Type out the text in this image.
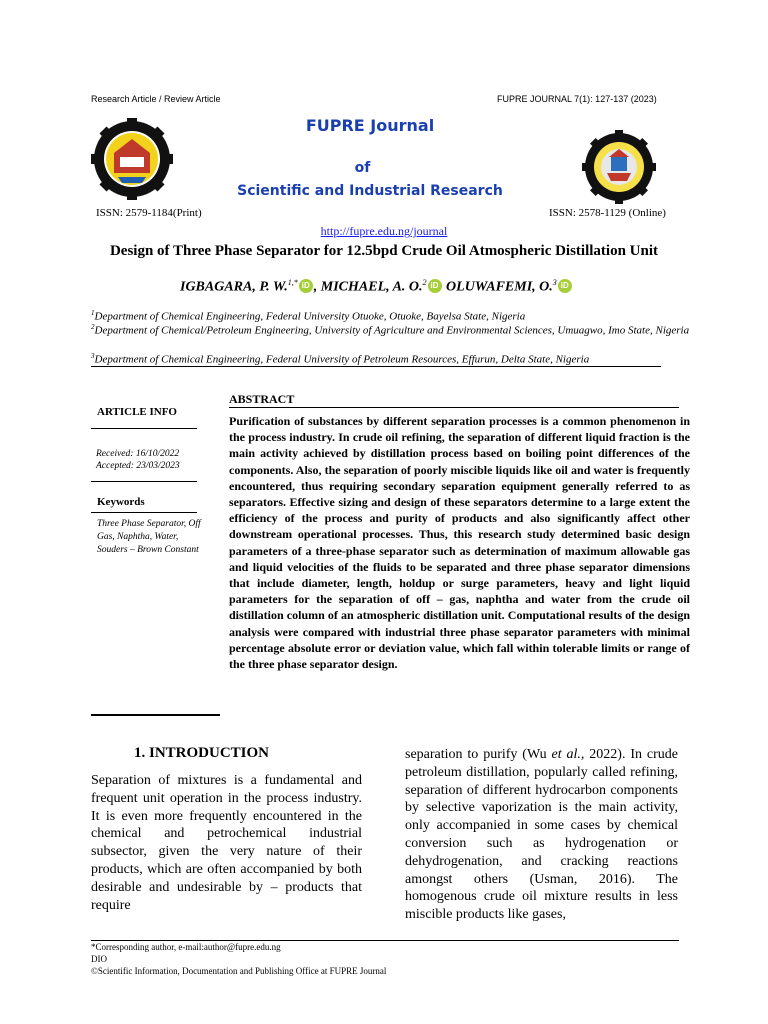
Research Article / Review Article	FUPRE JOURNAL 7(1): 127-137 (2023)
FUPRE Journal
of
Scientific and Industrial Research
ISSN: 2579-1184(Print)	ISSN: 2578-1129 (Online)
http://fupre.edu.ng/journal
Design of Three Phase Separator for 12.5bpd Crude Oil Atmospheric Distillation Unit
IGBAGARA, P. W.$^{1,*}$ iD , MICHAEL, A. O.$^2$ iD OLUWAFEMI, O.$^3$ iD
$^1$Department of Chemical Engineering, Federal University Otuoke, Otuoke, Bayelsa State, Nigeria
$^2$Department of Chemical/Petroleum Engineering, University of Agriculture and Environmental Sciences, Umuagwo, Imo State, Nigeria
$^3$Department of Chemical Engineering, Federal University of Petroleum Resources, Effurun, Delta State, Nigeria
ABSTRACT
Purification of substances by different separation processes is a common phenomenon in the process industry. In crude oil refining, the separation of different liquid fraction is the main activity achieved by distillation process based on boiling point differences of the components. Also, the separation of poorly miscible liquids like oil and water is frequently encountered, thus requiring secondary separation equipment generally referred to as separators. Effective sizing and design of these separators determine to a large extent the efficiency of the process and purity of products and also significantly affect other downstream operational processes. Thus, this research study determined basic design parameters of a three-phase separator such as determination of maximum allowable gas and liquid velocities of the fluids to be separated and three phase separator dimensions that include diameter, length, holdup or surge parameters, heavy and light liquid parameters for the separation of off – gas, naphtha and water from the crude oil distillation column of an atmospheric distillation unit. Computational results of the design analysis were compared with industrial three phase separator parameters with minimal percentage absolute error or deviation value, which fall within tolerable limits or range of the three phase separator design.
ARTICLE INFO
Received: 16/10/2022
Accepted: 23/03/2023
Keywords
Three Phase Separator, Off Gas, Naphtha, Water, Souders – Brown Constant
1. INTRODUCTION
Separation of mixtures is a fundamental and frequent unit operation in the process industry. It is even more frequently encountered in the chemical and petrochemical industrial subsector, given the very nature of their products, which are often accompanied by both desirable and undesirable by – products that require
separation to purify (Wu et al., 2022). In crude petroleum distillation, popularly called refining, separation of different hydrocarbon components by selective vaporization is the main activity, only accompanied in some cases by chemical conversion such as hydrogenation or dehydrogenation, and cracking reactions amongst others (Usman, 2016). The homogenous crude oil mixture results in less miscible products like gases,
*Corresponding author, e-mail:author@fupre.edu.ng
DIO
©Scientific Information, Documentation and Publishing Office at FUPRE Journal
